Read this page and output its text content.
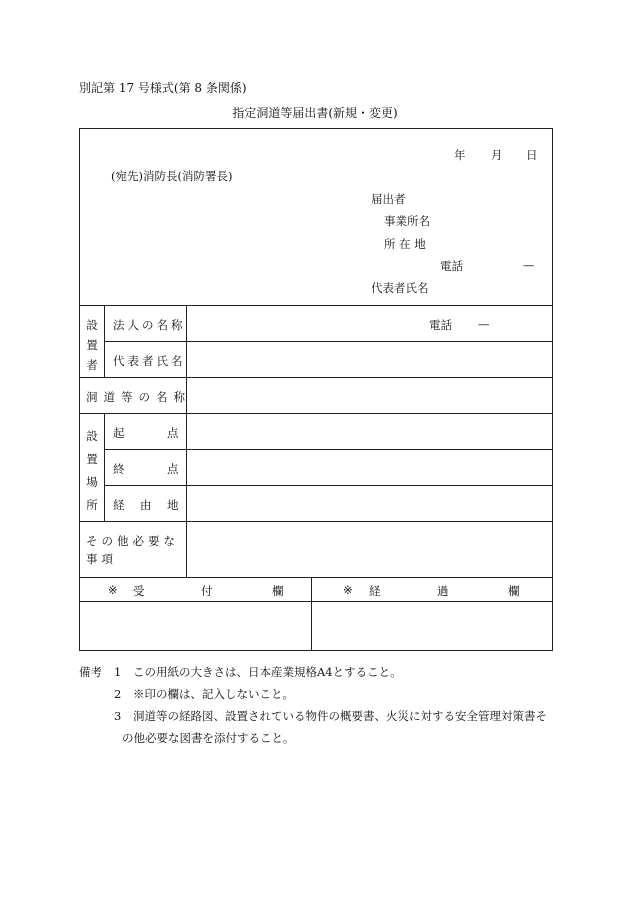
別記第 17 号様式(第 8 条関係)
指定洞道等届出書(新規・変更)
年 月 日
(宛先)消防長(消防署長)
届出者
事業所名
所 在 地
電話	—
代表者氏名
設置者
法人の名称	電話 —
代表者氏名
洞道等の名称
設置場所
起	点
終	点
経 由 地
その他必要な事項
※ 受	付	欄	※ 経	過	欄
備考 1 この用紙の大きさは、日本産業規格A4とすること。
2 ※印の欄は、記入しないこと。
3 洞道等の経路図、設置されている物件の概要書、火災に対する安全管理対策書そ
の他必要な図書を添付すること。
